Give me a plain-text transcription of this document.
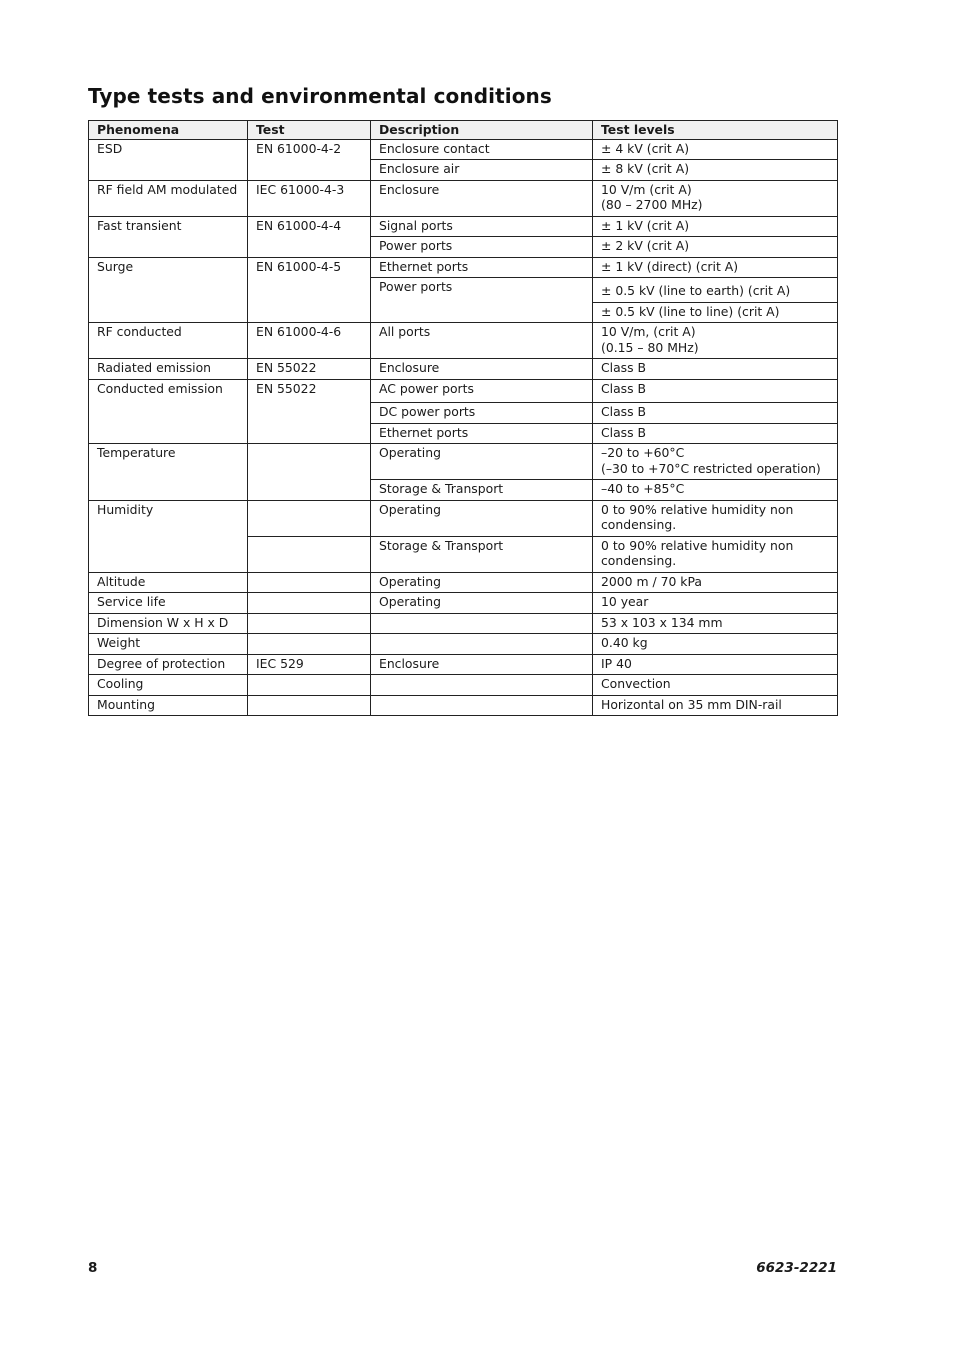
Type tests and environmental conditions
Phenomena	Test	Description	Test levels
ESD	EN 61000-4-2	Enclosure contact	± 4 kV (crit A)
		Enclosure air	± 8 kV (crit A)
RF field AM modulated	IEC 61000-4-3	Enclosure	10 V/m (crit A)
(80 – 2700 MHz)
Fast transient	EN 61000-4-4	Signal ports	± 1 kV (crit A)
		Power ports	± 2 kV (crit A)
Surge	EN 61000-4-5	Ethernet ports	± 1 kV (direct) (crit A)
		Power ports	± 0.5 kV (line to earth) (crit A)
			± 0.5 kV (line to line) (crit A)
RF conducted	EN 61000-4-6	All ports	10 V/m, (crit A)
(0.15 – 80 MHz)
Radiated emission	EN 55022	Enclosure	Class B
Conducted emission	EN 55022	AC power ports	Class B
		DC power ports	Class B
		Ethernet ports	Class B
Temperature		Operating	–20 to +60°C
(–30 to +70°C restricted operation)
		Storage & Transport	–40 to +85°C
Humidity		Operating	0 to 90% relative humidity non condensing.
		Storage & Transport	0 to 90% relative humidity non condensing.
Altitude		Operating	2000 m / 70 kPa
Service life		Operating	10 year
Dimension W x H x D			53 x 103 x 134 mm
Weight			0.40 kg
Degree of protection	IEC 529	Enclosure	IP 40
Cooling			Convection
Mounting			Horizontal on 35 mm DIN-rail
8	6623-2221
